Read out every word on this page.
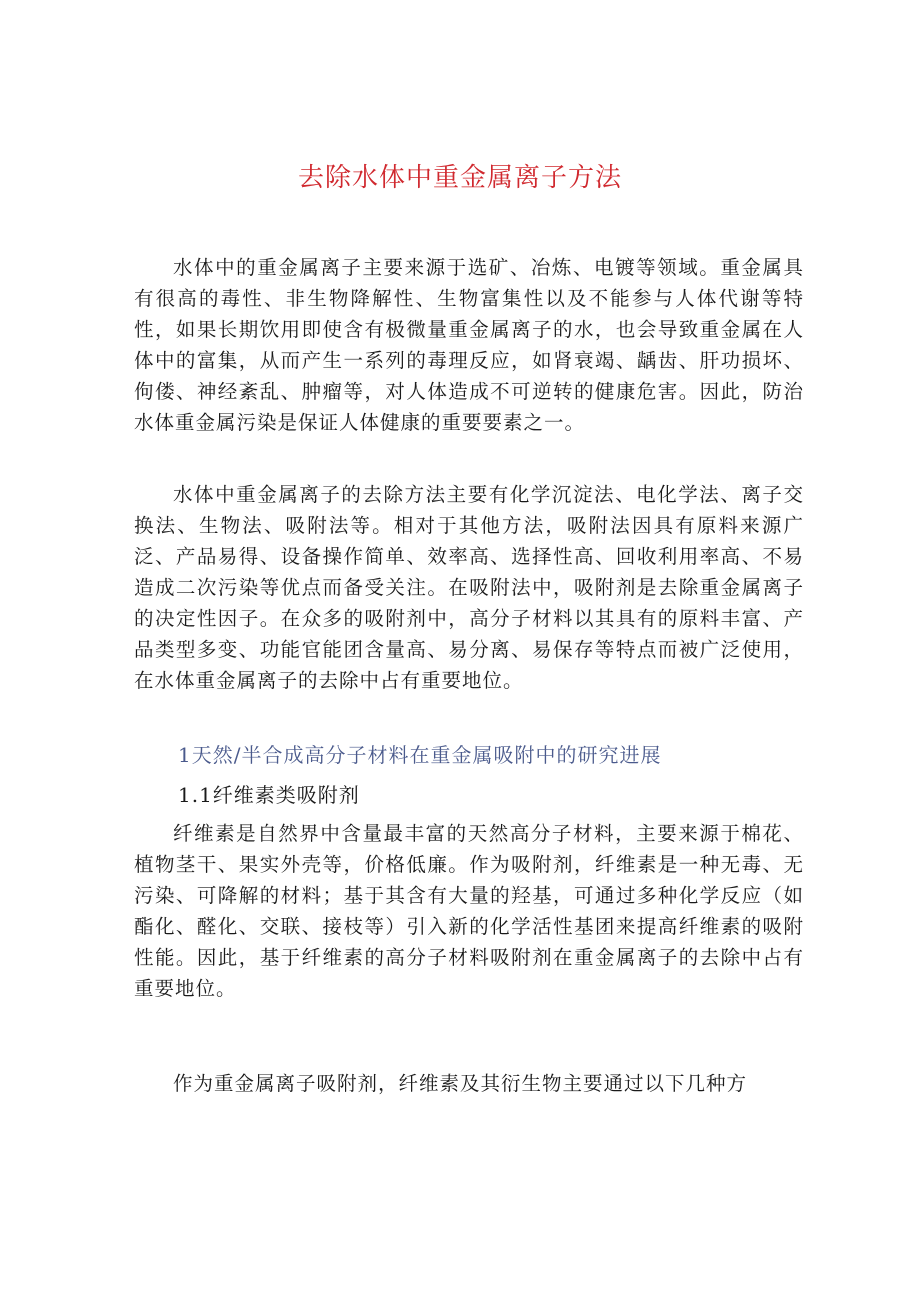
去除水体中重金属离子方法

水体中的重金属离子主要来源于选矿、冶炼、电镀等领域。重金属具有很高的毒性、非生物降解性、生物富集性以及不能参与人体代谢等特性，如果长期饮用即使含有极微量重金属离子的水，也会导致重金属在人体中的富集，从而产生一系列的毒理反应，如肾衰竭、龋齿、肝功损坏、佝偻、神经紊乱、肿瘤等，对人体造成不可逆转的健康危害。因此，防治水体重金属污染是保证人体健康的重要要素之一。

水体中重金属离子的去除方法主要有化学沉淀法、电化学法、离子交换法、生物法、吸附法等。相对于其他方法，吸附法因具有原料来源广泛、产品易得、设备操作简单、效率高、选择性高、回收利用率高、不易造成二次污染等优点而备受关注。在吸附法中，吸附剂是去除重金属离子的决定性因子。在众多的吸附剂中，高分子材料以其具有的原料丰富、产品类型多变、功能官能团含量高、易分离、易保存等特点而被广泛使用，在水体重金属离子的去除中占有重要地位。

1天然/半合成高分子材料在重金属吸附中的研究进展
1.1纤维素类吸附剂

纤维素是自然界中含量最丰富的天然高分子材料，主要来源于棉花、植物茎干、果实外壳等，价格低廉。作为吸附剂，纤维素是一种无毒、无污染、可降解的材料；基于其含有大量的羟基，可通过多种化学反应（如酯化、醛化、交联、接枝等）引入新的化学活性基团来提高纤维素的吸附性能。因此，基于纤维素的高分子材料吸附剂在重金属离子的去除中占有重要地位。

作为重金属离子吸附剂，纤维素及其衍生物主要通过以下几种方
